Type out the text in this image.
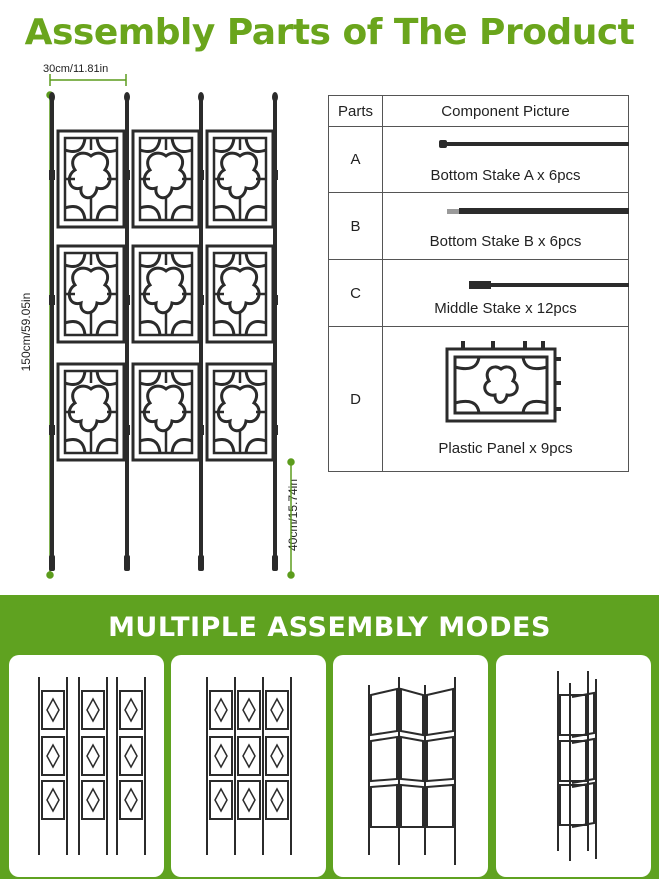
Assembly Parts of The Product
30cm/11.81in
150cm/59.05in
40cm/15.74in
Parts	Component Picture
A	Bottom Stake A x 6pcs

B	Bottom Stake B x 6pcs

C	Middle Stake x 12pcs

D	Plastic Panel x 9pcs
MULTIPLE ASSEMBLY MODES
